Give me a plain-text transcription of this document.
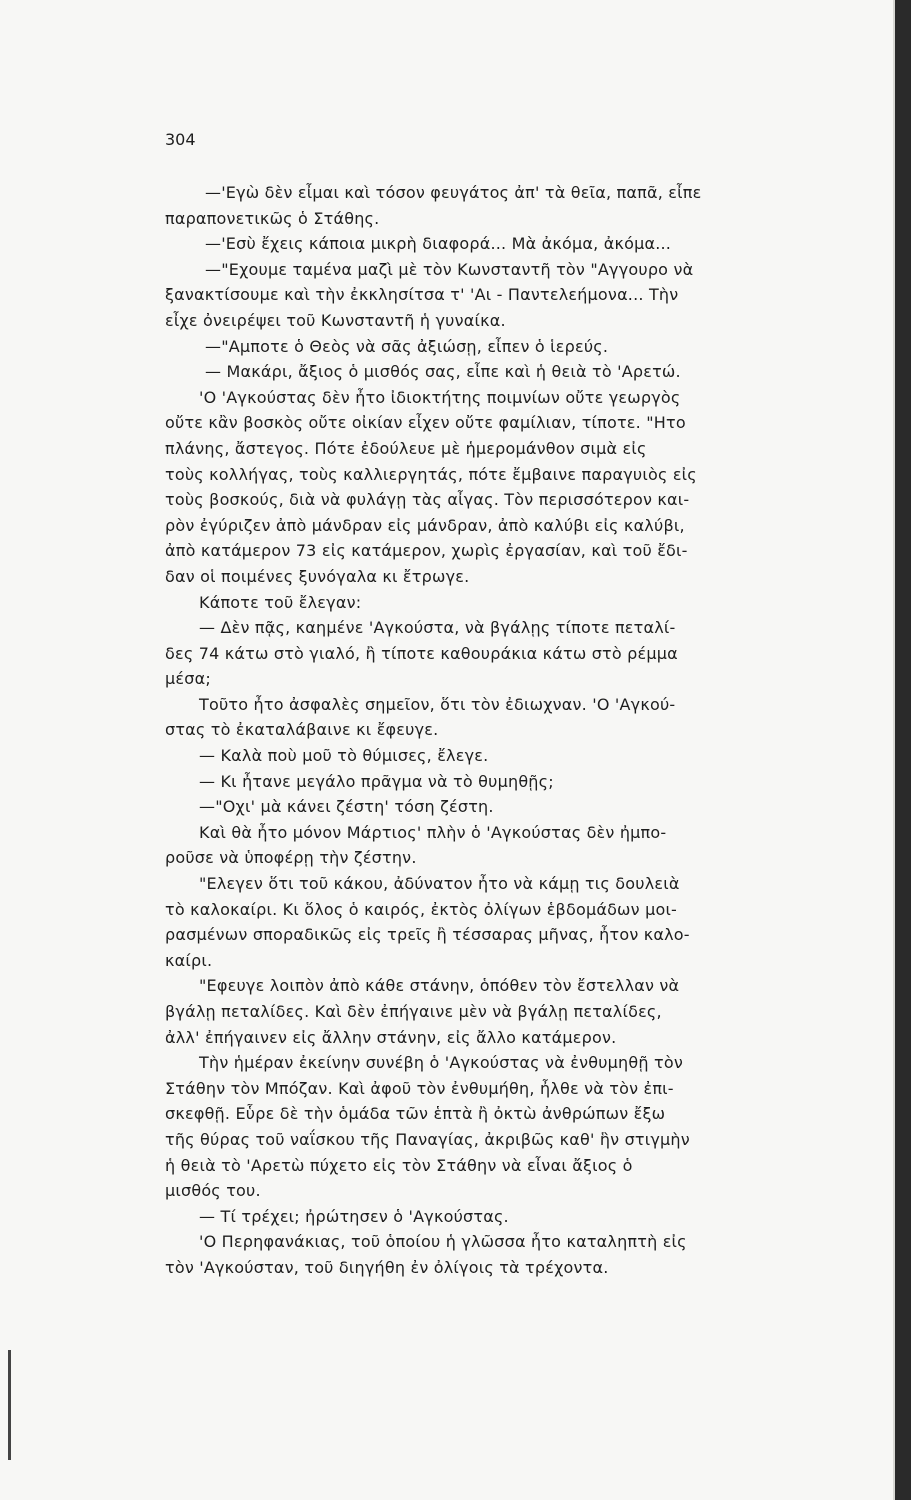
304
—'Εγὼ δὲν εἶμαι καὶ τόσον φευγάτος ἀπ' τὰ θεῖα, παπᾶ, εἶπε
παραπονετικῶς ὁ Στάθης.
—'Εσὺ ἔχεις κάποια μικρὴ διαφορά... Μὰ ἀκόμα, ἀκόμα...
—"Εχουμε ταμένα μαζὶ μὲ τὸν Κωνσταντῆ τὸν "Αγγουρο νὰ
ξανακτίσουμε καὶ τὴν ἐκκλησίτσα τ' 'Αι - Παντελεήμονα... Τὴν
εἶχε ὀνειρέψει τοῦ Κωνσταντῆ ἡ γυναίκα.
—"Αμποτε ὁ Θεὸς νὰ σᾶς ἀξιώσῃ, εἶπεν ὁ ἱερεύς.
— Μακάρι, ἄξιος ὁ μισθός σας, εἶπε καὶ ἡ θειὰ τὸ 'Αρετώ.
'Ο 'Αγκούστας δὲν ἦτο ἰδιοκτήτης ποιμνίων οὔτε γεωργὸς
οὔτε κἂν βοσκὸς οὔτε οἰκίαν εἶχεν οὔτε φαμίλιαν, τίποτε. "Ητο
πλάνης, ἄστεγος. Πότε ἐδούλευε μὲ ἡμερομάνθον σιμὰ εἰς
τοὺς κολλήγας, τοὺς καλλιεργητάς, πότε ἔμβαινε παραγυιὸς εἰς
τοὺς βοσκούς, διὰ νὰ φυλάγῃ τὰς αἶγας. Τὸν περισσότερον και-
ρὸν ἐγύριζεν ἀπὸ μάνδραν εἰς μάνδραν, ἀπὸ καλύβι εἰς καλύβι,
ἀπὸ κατάμερον 73 εἰς κατάμερον, χωρὶς ἐργασίαν, καὶ τοῦ ἔδι-
δαν οἱ ποιμένες ξυνόγαλα κι ἔτρωγε.
Κάποτε τοῦ ἔλεγαν:
— Δὲν πᾷς, καημένε 'Αγκούστα, νὰ βγάλῃς τίποτε πεταλί-
δες 74 κάτω στὸ γιαλό, ἢ τίποτε καθουράκια κάτω στὸ ρέμμα
μέσα;
Τοῦτο ἦτο ἀσφαλὲς σημεῖον, ὅτι τὸν ἐδιωχναν. 'Ο 'Αγκού-
στας τὸ ἐκαταλάβαινε κι ἔφευγε.
— Καλὰ ποὺ μοῦ τὸ θύμισες, ἔλεγε.
— Κι ἦτανε μεγάλο πρᾶγμα νὰ τὸ θυμηθῇς;
—"Οχι' μὰ κάνει ζέστη' τόση ζέστη.
Καὶ θὰ ἦτο μόνον Μάρτιος' πλὴν ὁ 'Αγκούστας δὲν ἠμπο-
ροῦσε νὰ ὑποφέρῃ τὴν ζέστην.
"Ελεγεν ὅτι τοῦ κάκου, ἀδύνατον ἦτο νὰ κάμῃ τις δουλειὰ
τὸ καλοκαίρι. Κι ὅλος ὁ καιρός, ἐκτὸς ὀλίγων ἑβδομάδων μοι-
ρασμένων σποραδικῶς εἰς τρεῖς ἢ τέσσαρας μῆνας, ἦτον καλο-
καίρι.
"Εφευγε λοιπὸν ἀπὸ κάθε στάνην, ὁπόθεν τὸν ἔστελλαν νὰ
βγάλῃ πεταλίδες. Καὶ δὲν ἐπήγαινε μὲν νὰ βγάλῃ πεταλίδες,
ἀλλ' ἐπήγαινεν εἰς ἄλλην στάνην, εἰς ἄλλο κατάμερον.
Τὴν ἡμέραν ἐκείνην συνέβη ὁ 'Αγκούστας νὰ ἐνθυμηθῇ τὸν
Στάθην τὸν Μπόζαν. Καὶ ἀφοῦ τὸν ἐνθυμήθη, ἦλθε νὰ τὸν ἐπι-
σκεφθῇ. Εὗρε δὲ τὴν ὁμάδα τῶν ἑπτὰ ἢ ὀκτὼ ἀνθρώπων ἔξω
τῆς θύρας τοῦ ναΐσκου τῆς Παναγίας, ἀκριβῶς καθ' ἣν στιγμὴν
ἡ θειὰ τὸ 'Αρετὼ πύχετο εἰς τὸν Στάθην νὰ εἶναι ἄξιος ὁ
μισθός του.
— Τί τρέχει; ἠρώτησεν ὁ 'Αγκούστας.
'Ο Περηφανάκιας, τοῦ ὁποίου ἡ γλῶσσα ἦτο καταληπτὴ εἰς
τὸν 'Αγκούσταν, τοῦ διηγήθη ἐν ὀλίγοις τὰ τρέχοντα.
